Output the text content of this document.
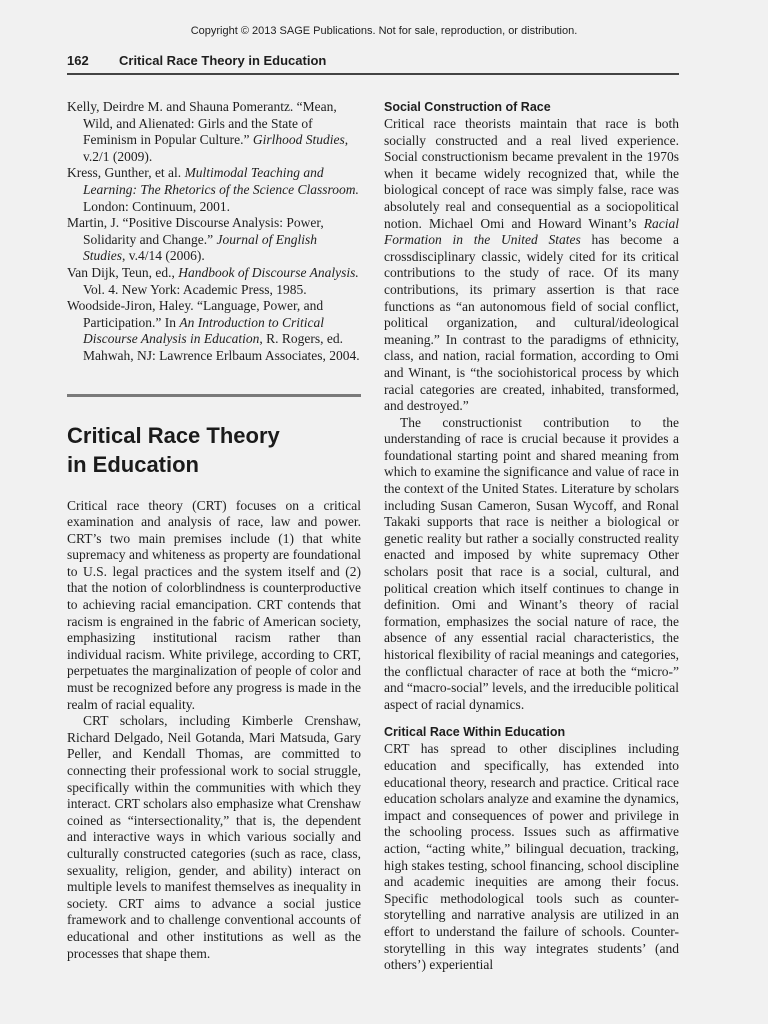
Copyright © 2013 SAGE Publications. Not for sale, reproduction, or distribution.
162 Critical Race Theory in Education

Kelly, Deirdre M. and Shauna Pomerantz. “Mean, Wild, and Alienated: Girls and the State of Feminism in Popular Culture.” Girlhood Studies, v.2/1 (2009).

Kress, Gunther, et al. Multimodal Teaching and Learning: The Rhetorics of the Science Classroom. London: Continuum, 2001.

Martin, J. “Positive Discourse Analysis: Power, Solidarity and Change.” Journal of English Studies, v.4/14 (2006).

Van Dijk, Teun, ed., Handbook of Discourse Analysis. Vol. 4. New York: Academic Press, 1985.

Woodside-Jiron, Haley. “Language, Power, and Participation.” In An Introduction to Critical Discourse Analysis in Education, R. Rogers, ed. Mahwah, NJ: Lawrence Erlbaum Associates, 2004.

Critical Race Theory
in Education

Critical race theory (CRT) focuses on a critical examination and analysis of race, law and power. CRT’s two main premises include (1) that white supremacy and whiteness as property are foundational to U.S. legal practices and the system itself and (2) that the notion of colorblindness is counterproductive to achieving racial emancipation. CRT contends that racism is engrained in the fabric of American society, emphasizing institutional racism rather than individual racism. White privilege, according to CRT, perpetuates the marginalization of people of color and must be recognized before any progress is made in the realm of racial equality.

CRT scholars, including Kimberle Crenshaw, Richard Delgado, Neil Gotanda, Mari Matsuda, Gary Peller, and Kendall Thomas, are committed to connecting their professional work to social struggle, specifically within the communities with which they interact. CRT scholars also emphasize what Crenshaw coined as “intersectionality,” that is, the dependent and interactive ways in which various socially and culturally constructed categories (such as race, class, sexuality, religion, gender, and ability) interact on multiple levels to manifest themselves as inequality in society. CRT aims to advance a social justice framework and to challenge conventional accounts of educational and other institutions as well as the processes that shape them.

Social Construction of Race

Critical race theorists maintain that race is both socially constructed and a real lived experience. Social constructionism became prevalent in the 1970s when it became widely recognized that, while the biological concept of race was simply false, race was absolutely real and consequential as a sociopolitical notion. Michael Omi and Howard Winant’s Racial Formation in the United States has become a crossdisciplinary classic, widely cited for its critical contributions to the study of race. Of its many contributions, its primary assertion is that race functions as “an autonomous field of social conflict, political organization, and cultural/ideological meaning.” In contrast to the paradigms of ethnicity, class, and nation, racial formation, according to Omi and Winant, is “the sociohistorical process by which racial categories are created, inhabited, transformed, and destroyed.”

The constructionist contribution to the understanding of race is crucial because it provides a foundational starting point and shared meaning from which to examine the significance and value of race in the context of the United States. Literature by scholars including Susan Cameron, Susan Wycoff, and Ronal Takaki supports that race is neither a biological or genetic reality but rather a socially constructed reality enacted and imposed by white supremacy Other scholars posit that race is a social, cultural, and political creation which itself continues to change in definition. Omi and Winant’s theory of racial formation, emphasizes the social nature of race, the absence of any essential racial characteristics, the historical flexibility of racial meanings and categories, the conflictual character of race at both the “micro-” and “macro-social” levels, and the irreducible political aspect of racial dynamics.

Critical Race Within Education

CRT has spread to other disciplines including education and specifically, has extended into educational theory, research and practice. Critical race education scholars analyze and examine the dynamics, impact and consequences of power and privilege in the schooling process. Issues such as affirmative action, “acting white,” bilingual decuation, tracking, high stakes testing, school financing, school discipline and academic inequities are among their focus. Specific methodological tools such as counter-storytelling and narrative analysis are utilized in an effort to understand the failure of schools. Counter-storytelling in this way integrates students’ (and others’) experiential
